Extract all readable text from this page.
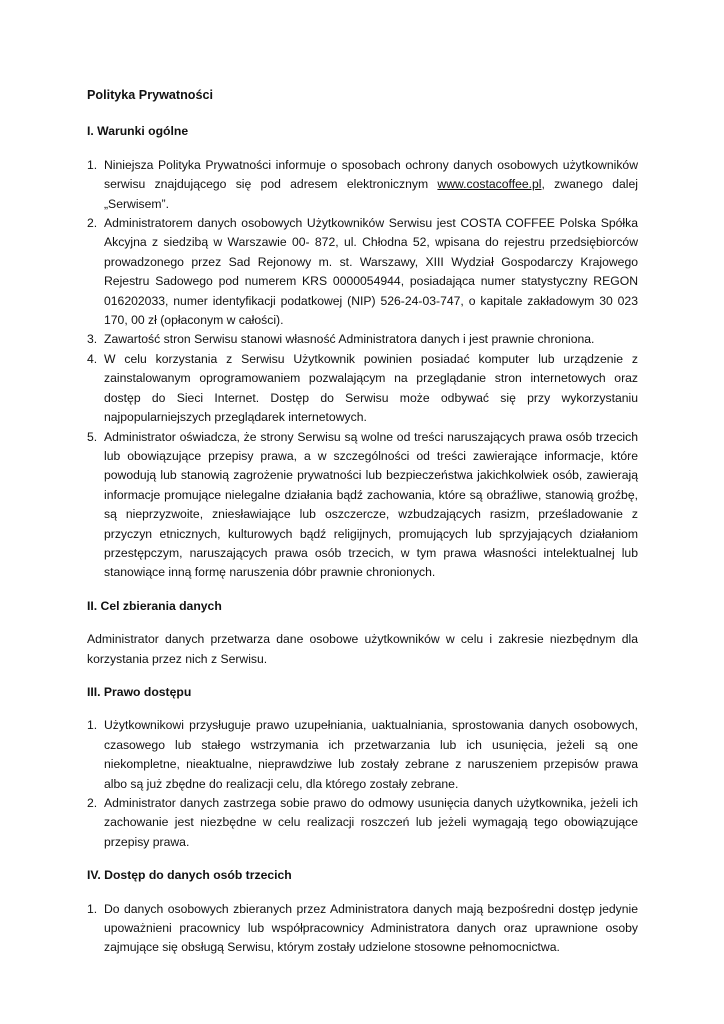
Polityka Prywatności
I. Warunki ogólne
1. Niniejsza Polityka Prywatności informuje o sposobach ochrony danych osobowych użytkowników serwisu znajdującego się pod adresem elektronicznym www.costacoffee.pl, zwanego dalej „Serwisem”.
2. Administratorem danych osobowych Użytkowników Serwisu jest COSTA COFFEE Polska Spółka Akcyjna z siedzibą w Warszawie 00- 872, ul. Chłodna 52, wpisana do rejestru przedsiębiorców prowadzonego przez Sad Rejonowy m. st. Warszawy, XIII Wydział Gospodarczy Krajowego Rejestru Sadowego pod numerem KRS 0000054944, posiadająca numer statystyczny REGON 016202033, numer identyfikacji podatkowej (NIP) 526-24-03-747, o kapitale zakładowym 30 023 170, 00 zł (opłaconym w całości).
3. Zawartość stron Serwisu stanowi własność Administratora danych i jest prawnie chroniona.
4. W celu korzystania z Serwisu Użytkownik powinien posiadać komputer lub urządzenie z zainstalowanym oprogramowaniem pozwalającym na przeglądanie stron internetowych oraz dostęp do Sieci Internet. Dostęp do Serwisu może odbywać się przy wykorzystaniu najpopularniejszych przeglądarek internetowych.
5. Administrator oświadcza, że strony Serwisu są wolne od treści naruszających prawa osób trzecich lub obowiązujące przepisy prawa, a w szczególności od treści zawierające informacje, które powodują lub stanowią zagrożenie prywatności lub bezpieczeństwa jakichkolwiek osób, zawierają informacje promujące nielegalne działania bądź zachowania, które są obraźliwe, stanowią groźbę, są nieprzyzwoite, zniesławiające lub oszczercze, wzbudzających rasizm, prześladowanie z przyczyn etnicznych, kulturowych bądź religijnych, promujących lub sprzyjających działaniom przestępczym, naruszających prawa osób trzecich, w tym prawa własności intelektualnej lub stanowiące inną formę naruszenia dóbr prawnie chronionych.
II. Cel zbierania danych

Administrator danych przetwarza dane osobowe użytkowników w celu i zakresie niezbędnym dla korzystania przez nich z Serwisu.

III. Prawo dostępu
1. Użytkownikowi przysługuje prawo uzupełniania, uaktualniania, sprostowania danych osobowych, czasowego lub stałego wstrzymania ich przetwarzania lub ich usunięcia, jeżeli są one niekompletne, nieaktualne, nieprawdziwe lub zostały zebrane z naruszeniem przepisów prawa albo są już zbędne do realizacji celu, dla którego zostały zebrane.
2. Administrator danych zastrzega sobie prawo do odmowy usunięcia danych użytkownika, jeżeli ich zachowanie jest niezbędne w celu realizacji roszczeń lub jeżeli wymagają tego obowiązujące przepisy prawa.
IV. Dostęp do danych osób trzecich
1. Do danych osobowych zbieranych przez Administratora danych mają bezpośredni dostęp jedynie upoważnieni pracownicy lub współpracownicy Administratora danych oraz uprawnione osoby zajmujące się obsługą Serwisu, którym zostały udzielone stosowne pełnomocnictwa.
